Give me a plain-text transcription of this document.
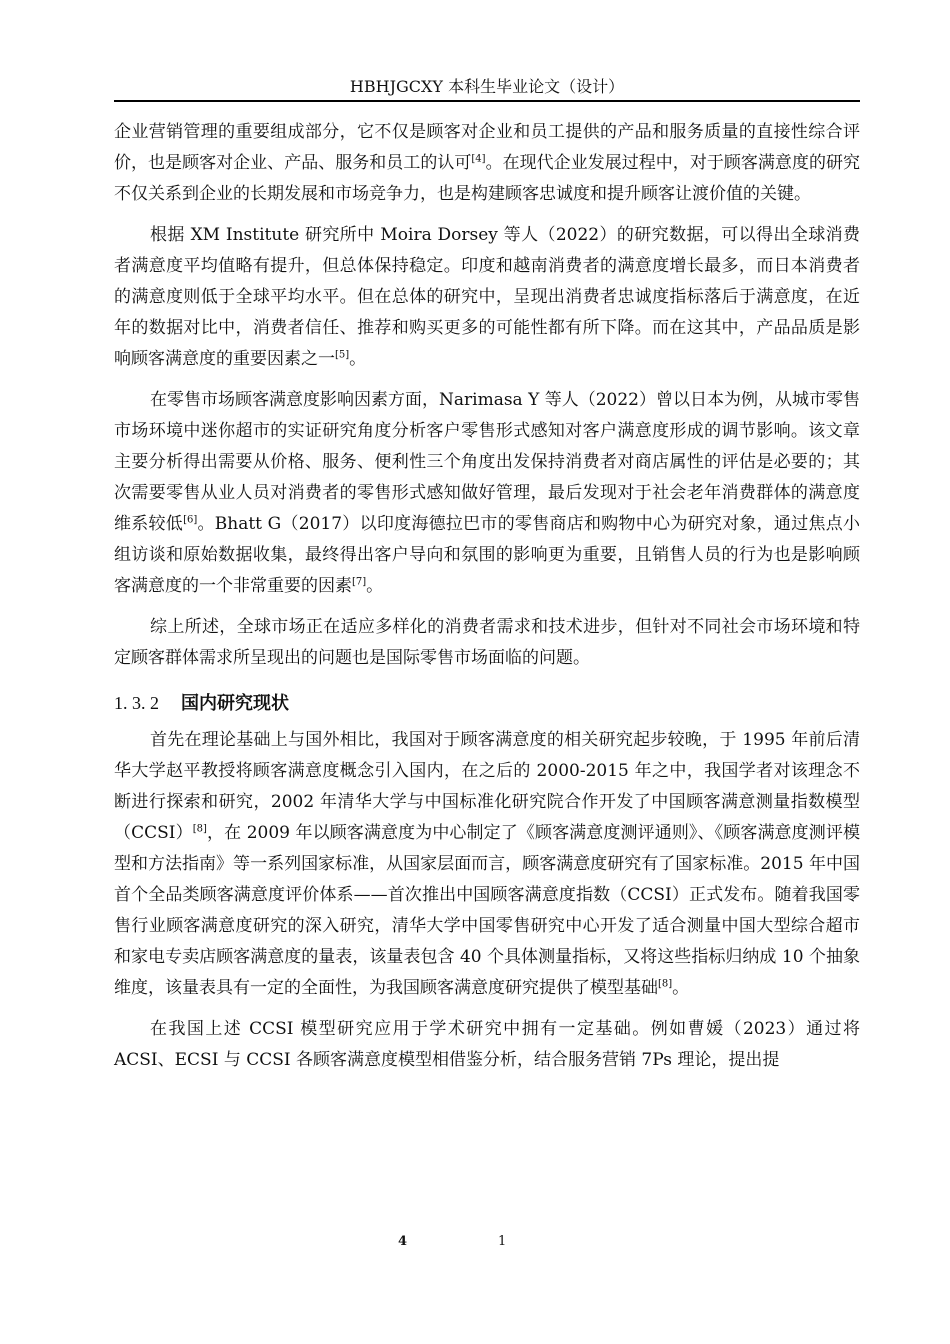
HBHJGCXY 本科生毕业论文（设计）

企业营销管理的重要组成部分，它不仅是顾客对企业和员工提供的产品和服务质量的直接性综合评价，也是顾客对企业、产品、服务和员工的认可[4]。在现代企业发展过程中，对于顾客满意度的研究不仅关系到企业的长期发展和市场竞争力，也是构建顾客忠诚度和提升顾客让渡价值的关键。

根据 XM Institute 研究所中 Moira Dorsey 等人（2022）的研究数据，可以得出全球消费者满意度平均值略有提升，但总体保持稳定。印度和越南消费者的满意度增长最多，而日本消费者的满意度则低于全球平均水平。但在总体的研究中，呈现出消费者忠诚度指标落后于满意度，在近年的数据对比中，消费者信任、推荐和购买更多的可能性都有所下降。而在这其中，产品品质是影响顾客满意度的重要因素之一[5]。

在零售市场顾客满意度影响因素方面，Narimasa Y 等人（2022）曾以日本为例，从城市零售市场环境中迷你超市的实证研究角度分析客户零售形式感知对客户满意度形成的调节影响。该文章主要分析得出需要从价格、服务、便利性三个角度出发保持消费者对商店属性的评估是必要的；其次需要零售从业人员对消费者的零售形式感知做好管理，最后发现对于社会老年消费群体的满意度维系较低[6]。Bhatt G（2017）以印度海德拉巴市的零售商店和购物中心为研究对象，通过焦点小组访谈和原始数据收集，最终得出客户导向和氛围的影响更为重要，且销售人员的行为也是影响顾客满意度的一个非常重要的因素[7]。

综上所述，全球市场正在适应多样化的消费者需求和技术进步，但针对不同社会市场环境和特定顾客群体需求所呈现出的问题也是国际零售市场面临的问题。

1. 3. 2 国内研究现状

首先在理论基础上与国外相比，我国对于顾客满意度的相关研究起步较晚，于 1995 年前后清华大学赵平教授将顾客满意度概念引入国内，在之后的 2000-2015 年之中，我国学者对该理念不断进行探索和研究，2002 年清华大学与中国标准化研究院合作开发了中国顾客满意测量指数模型（CCSI）[8]，在 2009 年以顾客满意度为中心制定了《顾客满意度测评通则》、《顾客满意度测评模型和方法指南》等一系列国家标准，从国家层面而言，顾客满意度研究有了国家标准。2015 年中国首个全品类顾客满意度评价体系——首次推出中国顾客满意度指数（CCSI）正式发布。随着我国零售行业顾客满意度研究的深入研究，清华大学中国零售研究中心开发了适合测量中国大型综合超市和家电专卖店顾客满意度的量表，该量表包含 40 个具体测量指标，又将这些指标归纳成 10 个抽象维度，该量表具有一定的全面性，为我国顾客满意度研究提供了模型基础[8]。

在我国上述 CCSI 模型研究应用于学术研究中拥有一定基础。例如曹媛（2023）通过将 ACSI、ECSI 与 CCSI 各顾客满意度模型相借鉴分析，结合服务营销 7Ps 理论，提出提

4	1
